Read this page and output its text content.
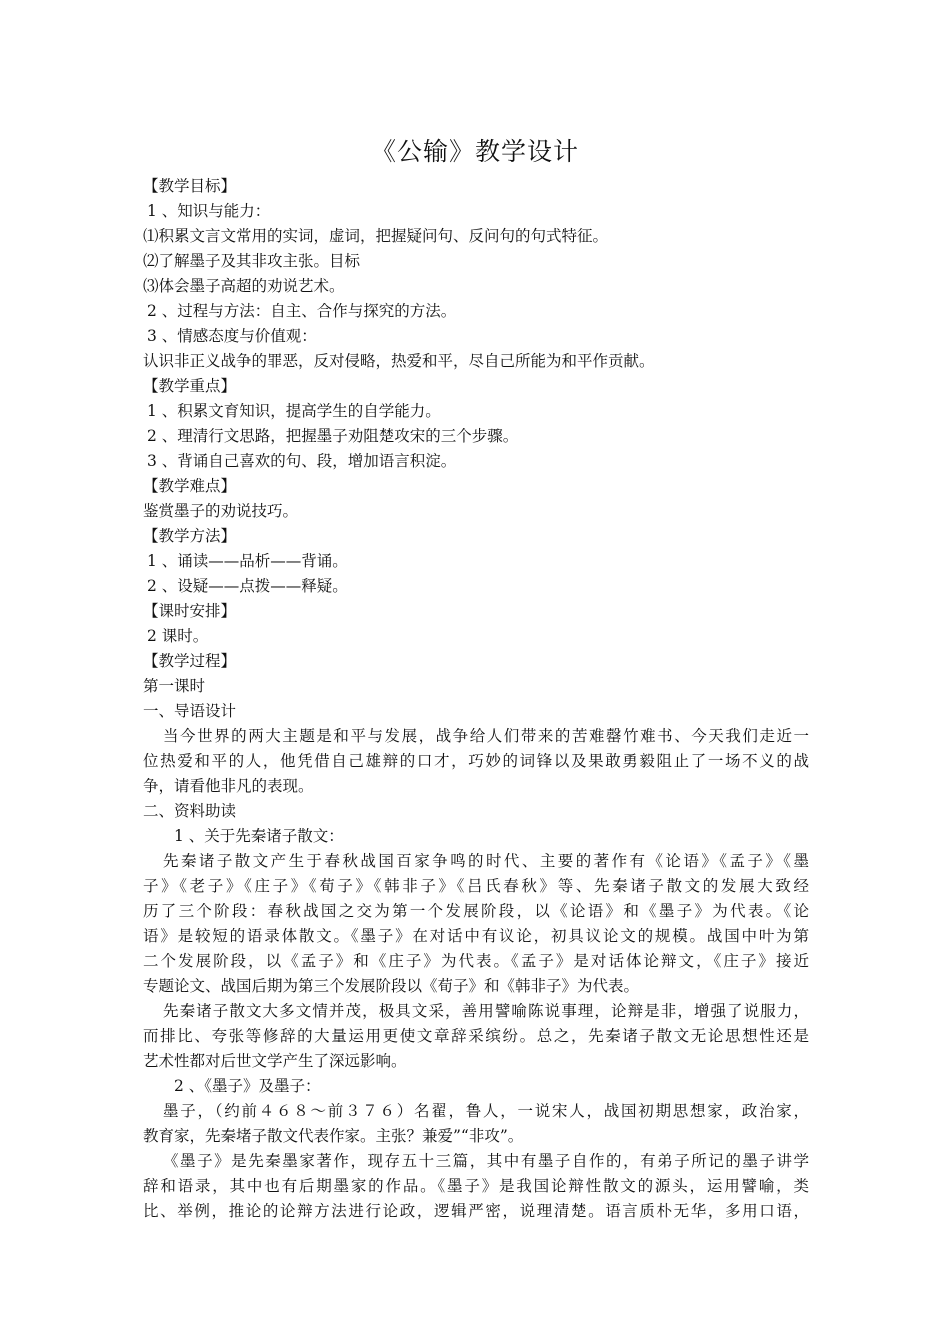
《公输》教学设计
【教学目标】
1 、知识与能力：
⑴积累文言文常用的实词，虚词，把握疑问句、反问句的句式特征。
⑵了解墨子及其非攻主张。目标
⑶体会墨子高超的劝说艺术。
2 、过程与方法：自主、合作与探究的方法。
3 、情感态度与价值观：
认识非正义战争的罪恶，反对侵略，热爱和平，尽自己所能为和平作贡献。
【教学重点】
1 、积累文育知识，提高学生的自学能力。
2 、理清行文思路，把握墨子劝阻楚攻宋的三个步骤。
3 、背诵自己喜欢的句、段，增加语言积淀。
【教学难点】
鉴赏墨子的劝说技巧。
【教学方法】
1 、诵读——品析——背诵。
2 、设疑——点拨——释疑。
【课时安排】
2 课时。
【教学过程】
第一课时
一、导语设计
当今世界的两大主题是和平与发展，战争给人们带来的苦难罄竹难书、今天我们走近一
位热爱和平的人，他凭借自己雄辩的口才，巧妙的词锋以及果敢勇毅阻止了一场不义的战
争，请看他非凡的表现。
二、资料助读
1 、关于先秦诸子散文：
先秦诸子散文产生于春秋战国百家争鸣的时代、主要的著作有《论语》《孟子》《墨
子》《老子》《庄子》《荀子》《韩非子》《吕氏春秋》等、先秦诸子散文的发展大致经
历了三个阶段：春秋战国之交为第一个发展阶段，以《论语》和《墨子》为代表。《论
语》是较短的语录体散文。《墨子》在对话中有议论，初具议论文的规模。战国中叶为第
二个发展阶段，以《孟子》和《庄子》为代表。《孟子》是对话体论辩文，《庄子》接近
专题论文、战国后期为第三个发展阶段以《荀子》和《韩非子》为代表。
先秦诸子散文大多文情并茂，极具文采，善用譬喻陈说事理，论辩是非，增强了说服力，
而排比、夸张等修辞的大量运用更使文章辞采缤纷。总之，先秦诸子散文无论思想性还是
艺术性都对后世文学产生了深远影响。
2 、《墨子》及墨子：
墨子，（约前４６８～前３７６）名翟，鲁人，一说宋人，战国初期思想家，政治家，
教育家，先秦堵子散文代表作家。主张？兼爱”“非攻”。
《墨子》是先秦墨家著作，现存五十三篇，其中有墨子自作的，有弟子所记的墨子讲学
辞和语录，其中也有后期墨家的作品。《墨子》是我国论辩性散文的源头，运用譬喻，类
比、举例，推论的论辩方法进行论政，逻辑严密，说理清楚。语言质朴无华，多用口语，
